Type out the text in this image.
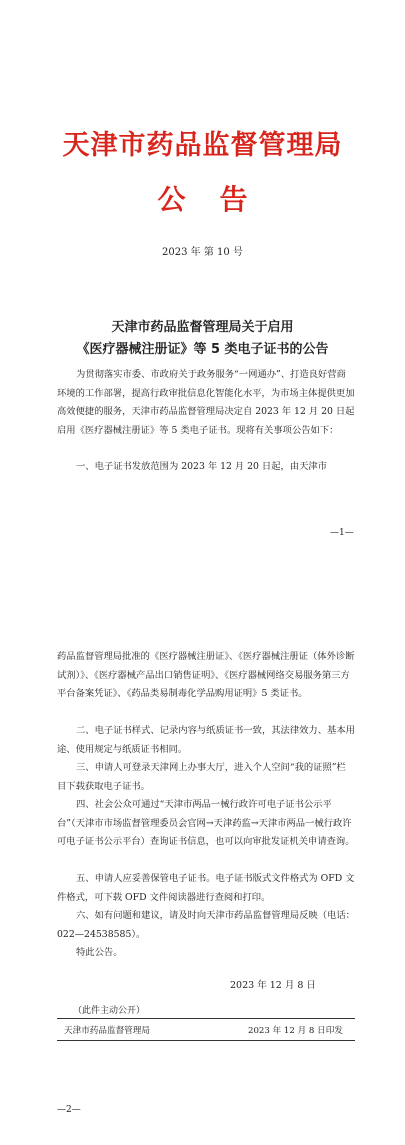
天津市药品监督管理局
公告
2023 年 第 10 号
天津市药品监督管理局关于启用
《医疗器械注册证》等 5 类电子证书的公告
为贯彻落实市委、市政府关于政务服务“一网通办”、打造良好营商环境的工作部署，提高行政审批信息化智能化水平，为市场主体提供更加高效便捷的服务，天津市药品监督管理局决定自 2023 年 12 月 20 日起启用《医疗器械注册证》等 5 类电子证书。现将有关事项公告如下：
一、电子证书发放范围为 2023 年 12 月 20 日起，由天津市
—1—
药品监督管理局批准的《医疗器械注册证》、《医疗器械注册证（体外诊断试剂）》、《医疗器械产品出口销售证明》、《医疗器械网络交易服务第三方平台备案凭证》、《药品类易制毒化学品购用证明》5 类证书。
二、电子证书样式、记录内容与纸质证书一致，其法律效力、基本用途、使用规定与纸质证书相同。
三、申请人可登录天津网上办事大厅，进入个人空间“我的证照”栏目下载获取电子证书。
四、社会公众可通过“天津市两品一械行政许可电子证书公示平台”（天津市市场监督管理委员会官网→天津药监→天津市两品一械行政许可电子证书公示平台）查询证书信息，也可以向审批发证机关申请查询。
五、申请人应妥善保管电子证书。电子证书版式文件格式为 OFD 文件格式，可下载 OFD 文件阅读器进行查阅和打印。
六、如有问题和建议，请及时向天津市药品监督管理局反映（电话：022—24538585）。
特此公告。
2023 年 12 月 8 日
（此件主动公开）
天津市药品监督管理局	2023 年 12 月 8 日印发
—2—
